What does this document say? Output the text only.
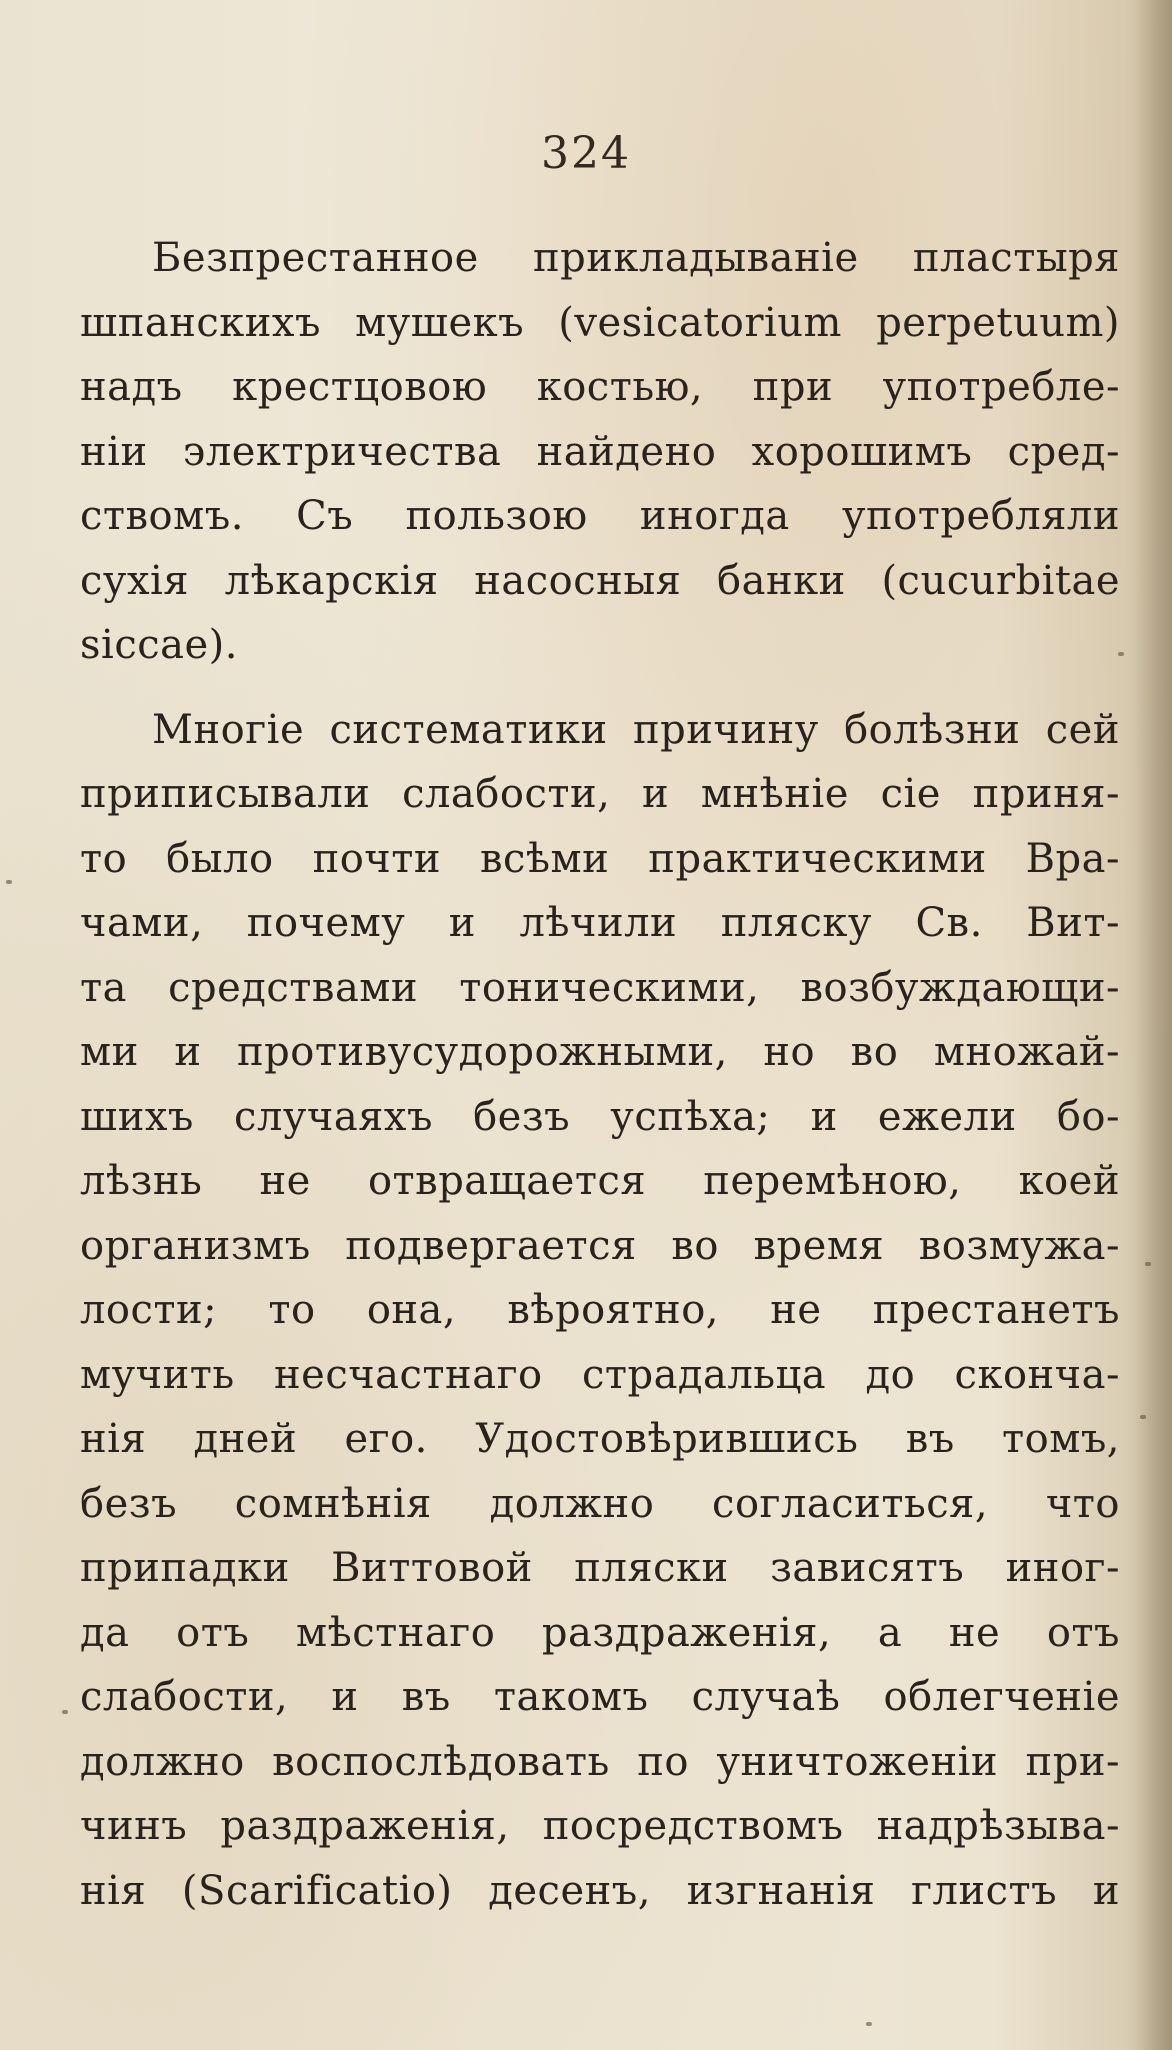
324
Безпрестанное прикладываніе пластыря
шпанскихъ мушекъ (vesicatorium perpetuum)
надъ крестцовою костью, при употребле-
ніи электричества найдено хорошимъ сред-
ствомъ. Съ пользою иногда употребляли
сухія лѣкарскія насосныя банки (cucurbitae
siccae).
Многіе систематики причину болѣзни сей
приписывали слабости, и мнѣніе сіе приня-
то было почти всѣми практическими Вра-
чами, почему и лѣчили пляску Св. Вит-
та средствами тоническими, возбуждающи-
ми и противусудорожными, но во множай-
шихъ случаяхъ безъ успѣха; и ежели бо-
лѣзнь не отвращается перемѣною, коей
организмъ подвергается во время возмужа-
лости; то она, вѣроятно, не престанетъ
мучить несчастнаго страдальца до сконча-
нія дней его. Удостовѣрившись въ томъ,
безъ сомнѣнія должно согласиться, что
припадки Виттовой пляски зависятъ иног-
да отъ мѣстнаго раздраженія, а не отъ
слабости, и въ такомъ случаѣ облегченіе
должно воспослѣдовать по уничтоженіи при-
чинъ раздраженія, посредствомъ надрѣзыва-
нія (Scarificatio) десенъ, изгнанія глистъ и
